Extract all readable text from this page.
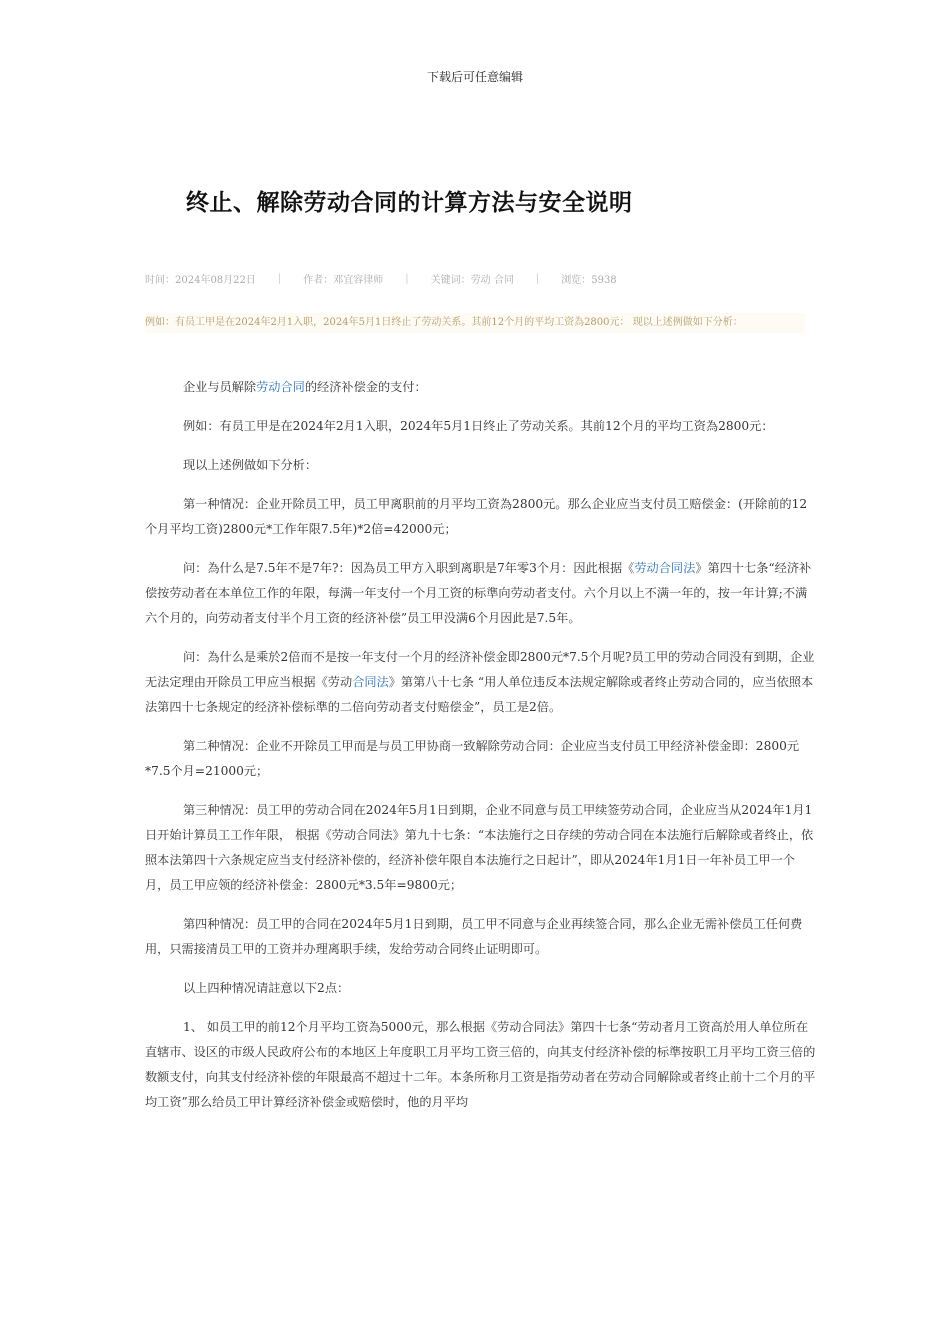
下载后可任意编辑
终止、解除劳动合同的计算方法与安全说明
时间：2024年08月22日 | 作者：邓宜容律师 | 关键词：劳动 合同 | 浏览：5938
例如：有员工甲是在2024年2月1入职，2024年5月1日终止了劳动关系。其前12个月的平均工资為2800元： 现以上述例做如下分析：

企业与员解除劳动合同的经济补偿金的支付：

例如：有员工甲是在2024年2月1入职，2024年5月1日终止了劳动关系。其前12个月的平均工资為2800元：

现以上述例做如下分析：

第一种情况：企业开除员工甲，员工甲离职前的月平均工资為2800元。那么企业应当支付员工赔偿金：(开除前的12个月平均工资)2800元*工作年限7.5年)*2倍=42000元；

问：為什么是7.5年不是7年?：因為员工甲方入职到离职是7年零3个月：因此根据《劳动合同法》第四十七条“经济补偿按劳动者在本单位工作的年限，每满一年支付一个月工资的标準向劳动者支付。六个月以上不满一年的，按一年计算;不满六个月的，向劳动者支付半个月工资的经济补偿”员工甲没满6个月因此是7.5年。

问：為什么是乘於2倍而不是按一年支付一个月的经济补偿金即2800元*7.5个月呢?员工甲的劳动合同没有到期，企业无法定理由开除员工甲应当根据《劳动合同法》第第八十七条 “用人单位违反本法规定解除或者终止劳动合同的，应当依照本法第四十七条规定的经济补偿标準的二倍向劳动者支付赔偿金”，员工是2倍。

第二种情况：企业不开除员工甲而是与员工甲协商一致解除劳动合同：企业应当支付员工甲经济补偿金即：2800元*7.5个月=21000元；

第三种情况：员工甲的劳动合同在2024年5月1日到期，企业不同意与员工甲续签劳动合同，企业应当从2024年1月1日开始计算员工工作年限， 根据《劳动合同法》第九十七条：“本法施行之日存续的劳动合同在本法施行后解除或者终止，依照本法第四十六条规定应当支付经济补偿的，经济补偿年限自本法施行之日起计”，即从2024年1月1日一年补员工甲一个月，员工甲应领的经济补偿金：2800元*3.5年=9800元；

第四种情况：员工甲的合同在2024年5月1日到期，员工甲不同意与企业再续签合同，那么企业无需补偿员工任何费用，只需接清员工甲的工资并办理离职手续，发给劳动合同终止证明即可。

以上四种情况请註意以下2点：

1、 如员工甲的前12个月平均工资為5000元，那么根据《劳动合同法》第四十七条“劳动者月工资高於用人单位所在直辖市、设区的市级人民政府公布的本地区上年度职工月平均工资三倍的，向其支付经济补偿的标準按职工月平均工资三倍的数额支付，向其支付经济补偿的年限最高不超过十二年。本条所称月工资是指劳动者在劳动合同解除或者终止前十二个月的平均工资”那么给员工甲计算经济补偿金或赔偿时，他的月平均
